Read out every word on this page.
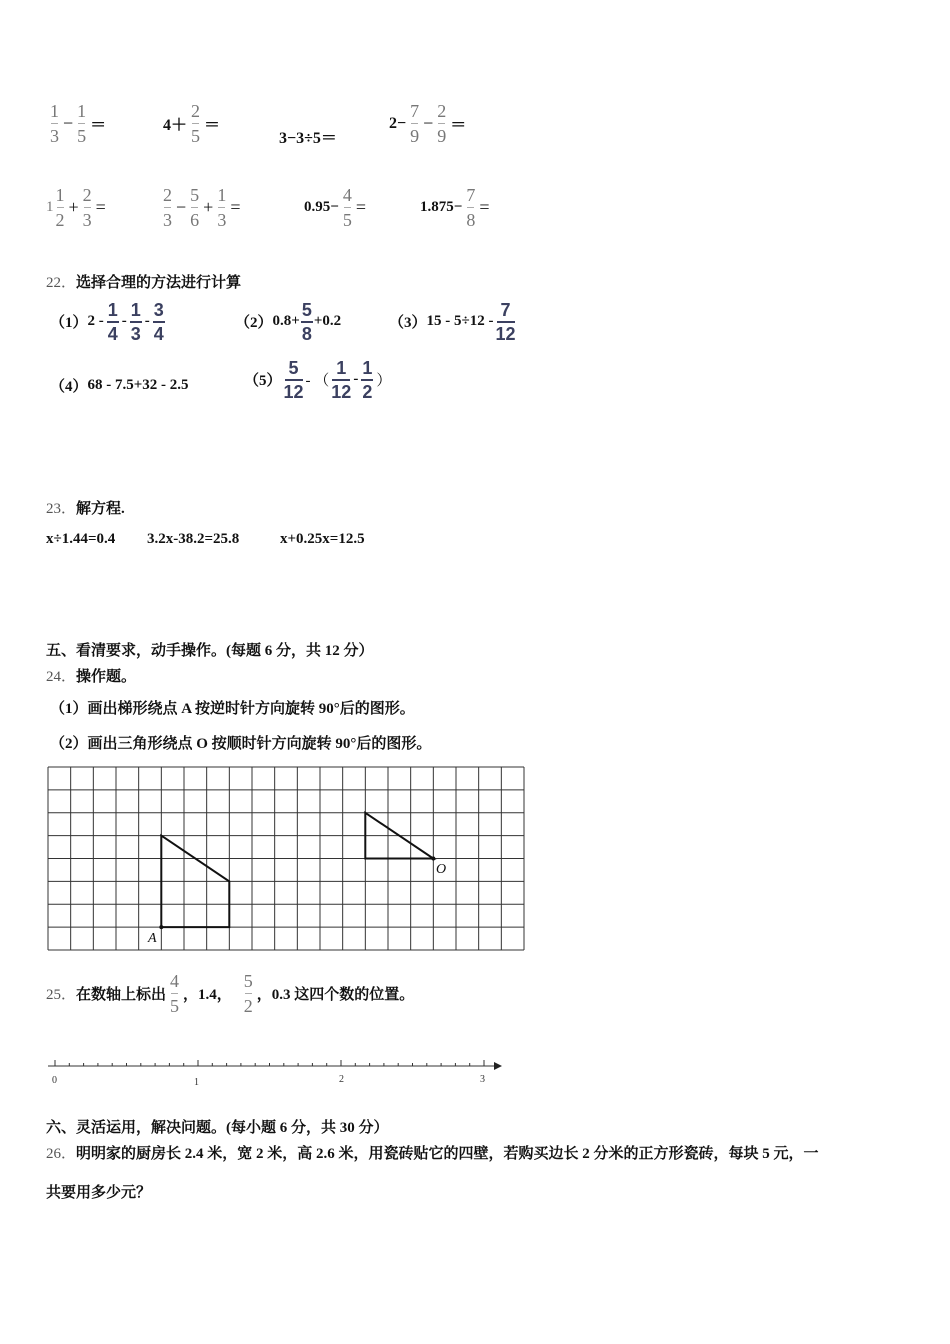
$\frac{1}{3} - \frac{1}{5}$ ＝	$4+ \frac{2}{5}$ ＝
3−3÷5＝
$2- \frac{7}{9} - \frac{2}{9}$ ＝
$1 \frac{1}{2} + \frac{2}{3}$ =	$\frac{2}{3} - \frac{5}{6} + \frac{1}{3}$ =	$0.95- \frac{4}{5}$ =	$1.875- \frac{7}{8}$ =
22．选择合理的方法进行计算
（1） 2 -
1
4
-
1
3
-
3
4
（2） 0.8+
5
8
+0.2	（3） 15 - 5÷12 -
7
12
（4） 68 - 7.5+32 - 2.5	（5）
5
12
- （
1
12
-
1
2
）
23．解方程.
x÷1.44=0.4 3.2x-38.2=25.8	x+0.25x=12.5
五、看清要求，动手操作。(每题 6 分，共 12 分）
24．操作题。
（1）画出梯形绕点 A 按逆时针方向旋转 90°后的图形。
（2）画出三角形绕点 O 按顺时针方向旋转 90°后的图形。
A
O
0	1	2	3
25． 在数轴上标出 $\frac{4}{5}$ ，1.4， $\frac{5}{2}$ ，0.3 这四个数的位置。
六、灵活运用，解决问题。(每小题 6 分，共 30 分）
26．明明家的厨房长 2.4 米，宽 2 米，高 2.6 米，用瓷砖贴它的四壁，若购买边长 2 分米的正方形瓷砖，每块 5 元，一
共要用多少元？
